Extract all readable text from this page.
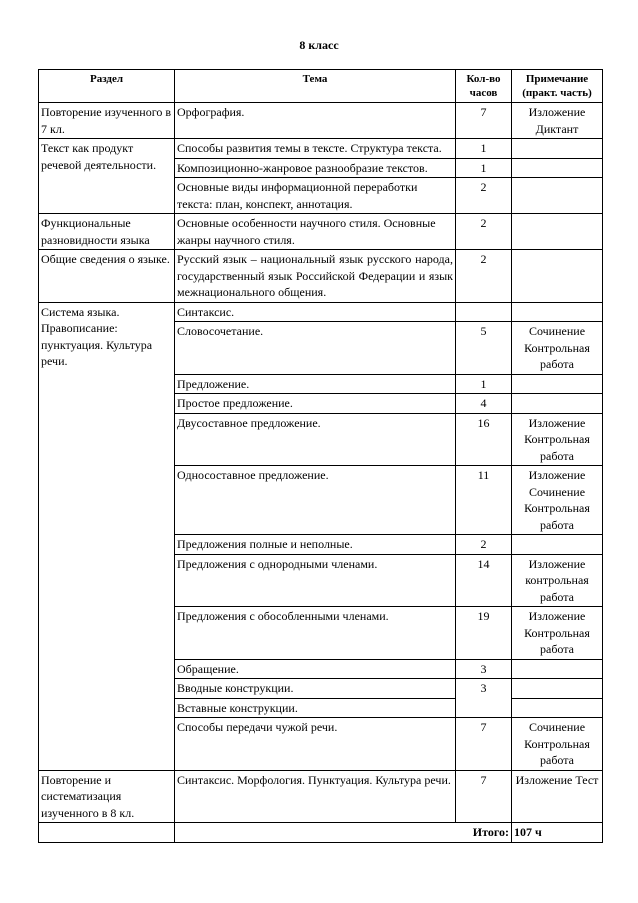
8 класс
Раздел	Тема	Кол-во часов	Примечание (практ. часть)
Повторение изученного в 7 кл.	Орфография.	7	Изложение Диктант
Текст как продукт речевой деятельности.	Способы развития темы в тексте. Структура текста.	1	
	Композиционно-жанровое разнообразие текстов.	1	
	Основные виды информационной переработки текста: план, конспект, аннотация.	2	
Функциональные разновидности языка	Основные особенности научного стиля. Основные жанры научного стиля.	2	
Общие сведения о языке.	Русский язык – национальный язык русского народа, государственный язык Российской Федерации и язык межнационального общения.	2	
Система языка. Правописание: пунктуация. Культура речи.	Синтаксис.		
	Словосочетание.	5	Сочинение Контрольная работа
	Предложение.	1	
	Простое предложение.	4	
	Двусоставное предложение.	16	Изложение Контрольная работа
	Односоставное предложение.	11	Изложение Сочинение Контрольная работа
	Предложения полные и неполные.	2	
	Предложения с однородными членами.	14	Изложение контрольная работа
	Предложения с обособленными членами.	19	Изложение Контрольная работа
	Обращение.	3	
	Вводные конструкции.	3	
	Вставные конструкции.		
	Способы передачи чужой речи.	7	Сочинение Контрольная работа
Повторение и систематизация изученного в 8 кл.	Синтаксис. Морфология. Пунктуация. Культура речи.	7	Изложение Тест
	Итого:		107 ч
